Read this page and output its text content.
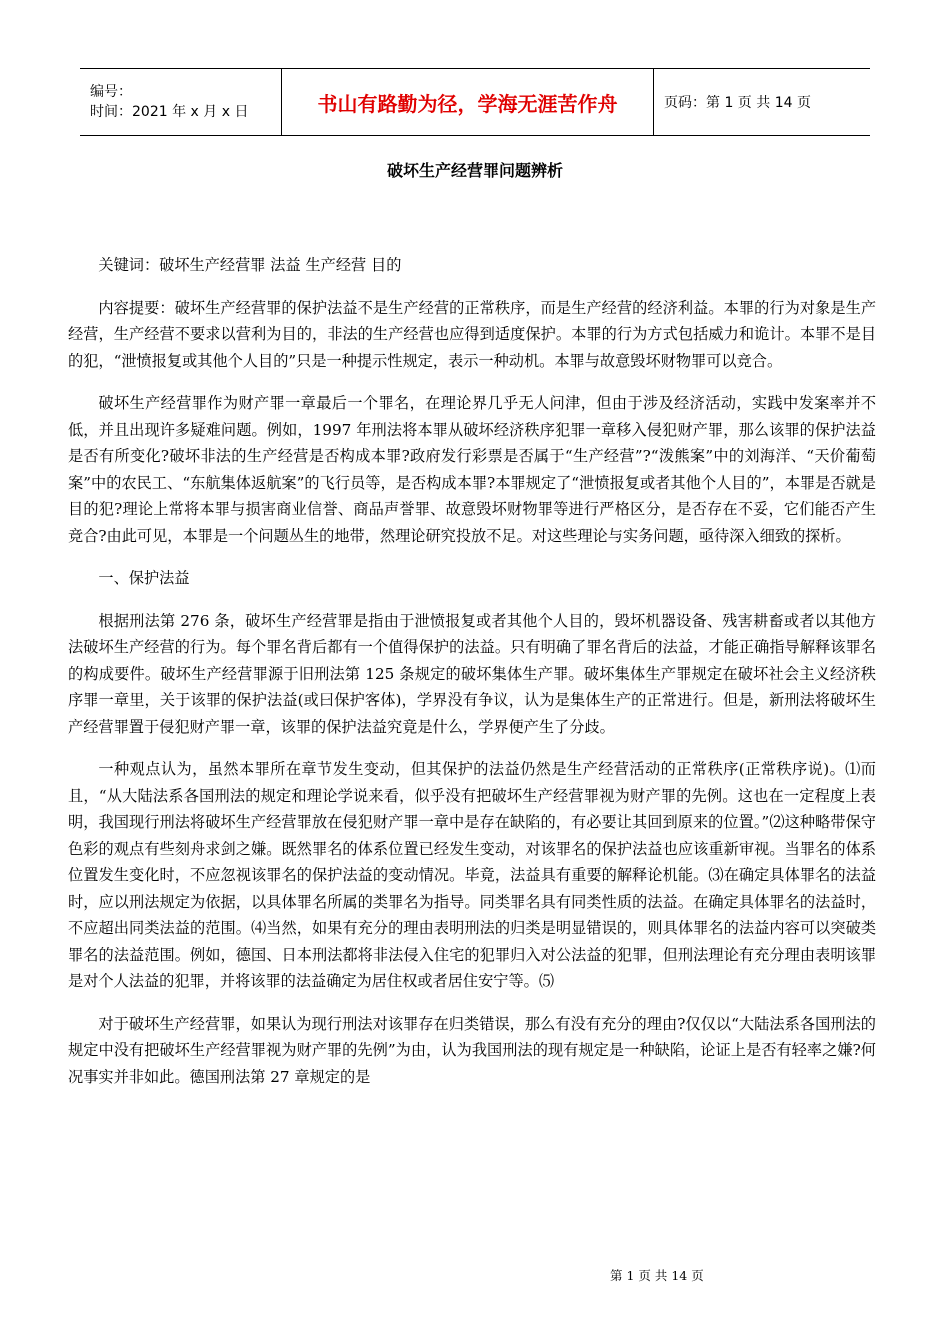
编号：
时间：2021 年 x 月 x 日	书山有路勤为径，学海无涯苦作舟	页码：第 1 页 共 14 页
破坏生产经营罪问题辨析

关键词：破坏生产经营罪 法益 生产经营 目的

内容提要：破坏生产经营罪的保护法益不是生产经营的正常秩序，而是生产经营的经济利益。本罪的行为对象是生产经营，生产经营不要求以营利为目的，非法的生产经营也应得到适度保护。本罪的行为方式包括威力和诡计。本罪不是目的犯，“泄愤报复或其他个人目的”只是一种提示性规定，表示一种动机。本罪与故意毁坏财物罪可以竞合。

破坏生产经营罪作为财产罪一章最后一个罪名，在理论界几乎无人问津，但由于涉及经济活动，实践中发案率并不低，并且出现许多疑难问题。例如，1997 年刑法将本罪从破坏经济秩序犯罪一章移入侵犯财产罪，那么该罪的保护法益是否有所变化?破坏非法的生产经营是否构成本罪?政府发行彩票是否属于“生产经营”?“泼熊案”中的刘海洋、“天价葡萄案”中的农民工、“东航集体返航案”的飞行员等，是否构成本罪?本罪规定了“泄愤报复或者其他个人目的”，本罪是否就是目的犯?理论上常将本罪与损害商业信誉、商品声誉罪、故意毁坏财物罪等进行严格区分，是否存在不妥，它们能否产生竞合?由此可见，本罪是一个问题丛生的地带，然理论研究投放不足。对这些理论与实务问题，亟待深入细致的探析。

一、保护法益

根据刑法第 276 条，破坏生产经营罪是指由于泄愤报复或者其他个人目的，毁坏机器设备、残害耕畜或者以其他方法破坏生产经营的行为。每个罪名背后都有一个值得保护的法益。只有明确了罪名背后的法益，才能正确指导解释该罪名的构成要件。破坏生产经营罪源于旧刑法第 125 条规定的破坏集体生产罪。破坏集体生产罪规定在破坏社会主义经济秩序罪一章里，关于该罪的保护法益(或曰保护客体)，学界没有争议，认为是集体生产的正常进行。但是，新刑法将破坏生产经营罪置于侵犯财产罪一章，该罪的保护法益究竟是什么，学界便产生了分歧。

一种观点认为，虽然本罪所在章节发生变动，但其保护的法益仍然是生产经营活动的正常秩序(正常秩序说)。⑴而且，“从大陆法系各国刑法的规定和理论学说来看，似乎没有把破坏生产经营罪视为财产罪的先例。这也在一定程度上表明，我国现行刑法将破坏生产经营罪放在侵犯财产罪一章中是存在缺陷的，有必要让其回到原来的位置。”⑵这种略带保守色彩的观点有些刻舟求剑之嫌。既然罪名的体系位置已经发生变动，对该罪名的保护法益也应该重新审视。当罪名的体系位置发生变化时，不应忽视该罪名的保护法益的变动情况。毕竟，法益具有重要的解释论机能。⑶在确定具体罪名的法益时，应以刑法规定为依据，以具体罪名所属的类罪名为指导。同类罪名具有同类性质的法益。在确定具体罪名的法益时，不应超出同类法益的范围。⑷当然，如果有充分的理由表明刑法的归类是明显错误的，则具体罪名的法益内容可以突破类罪名的法益范围。例如，德国、日本刑法都将非法侵入住宅的犯罪归入对公法益的犯罪，但刑法理论有充分理由表明该罪是对个人法益的犯罪，并将该罪的法益确定为居住权或者居住安宁等。⑸

对于破坏生产经营罪，如果认为现行刑法对该罪存在归类错误，那么有没有充分的理由?仅仅以“大陆法系各国刑法的规定中没有把破坏生产经营罪视为财产罪的先例”为由，认为我国刑法的现有规定是一种缺陷，论证上是否有轻率之嫌?何况事实并非如此。德国刑法第 27 章规定的是

第 1 页 共 14 页
